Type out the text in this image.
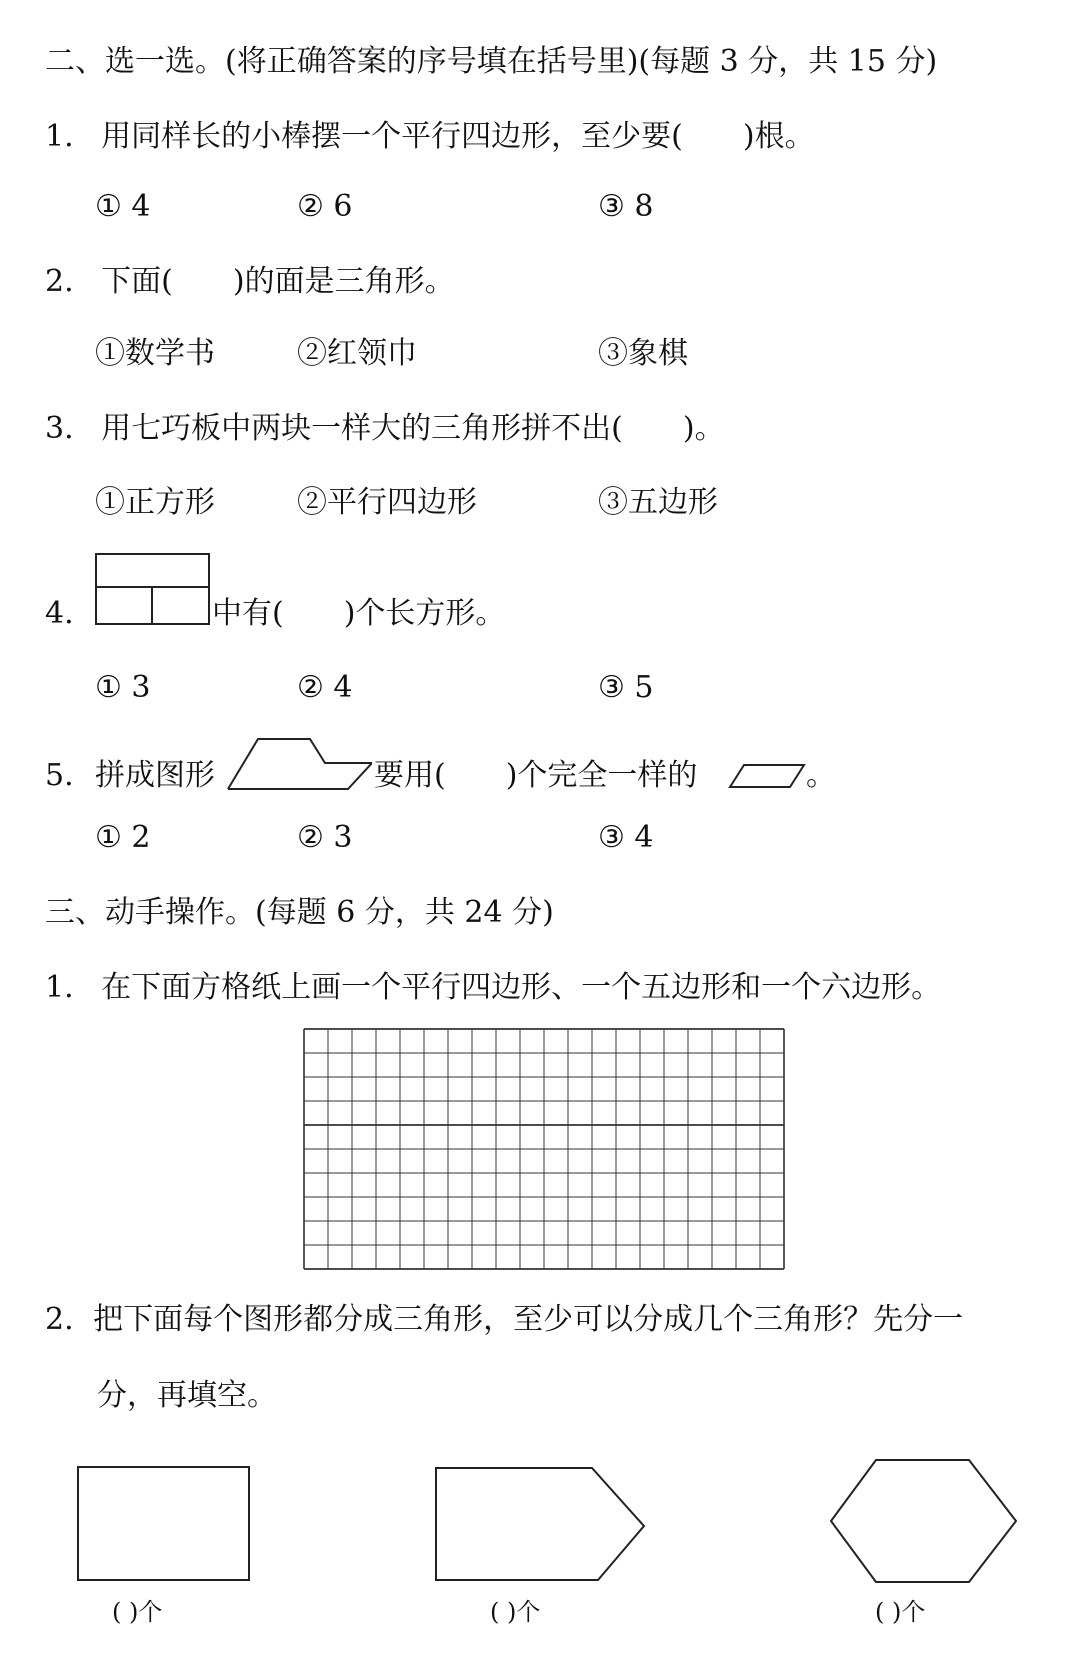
二、选一选。(将正确答案的序号填在括号里)(每题 3 分，共 15 分)
1. 用同样长的小棒摆一个平行四边形，至少要( )根。
① 4	② 6	③ 8
2. 下面( )的面是三角形。
①数学书	②红领巾	③象棋
3. 用七巧板中两块一样大的三角形拼不出( )。
①正方形	②平行四边形	③五边形
4.	中有( )个长方形。
① 3	② 4	③ 5
5. 拼成图形	要用( )个完全一样的	。
① 2	② 3	③ 4
三、动手操作。(每题 6 分，共 24 分)
1. 在下面方格纸上画一个平行四边形、一个五边形和一个六边形。
2. 把下面每个图形都分成三角形，至少可以分成几个三角形？先分一
分，再填空。
( )个	( )个	( )个
